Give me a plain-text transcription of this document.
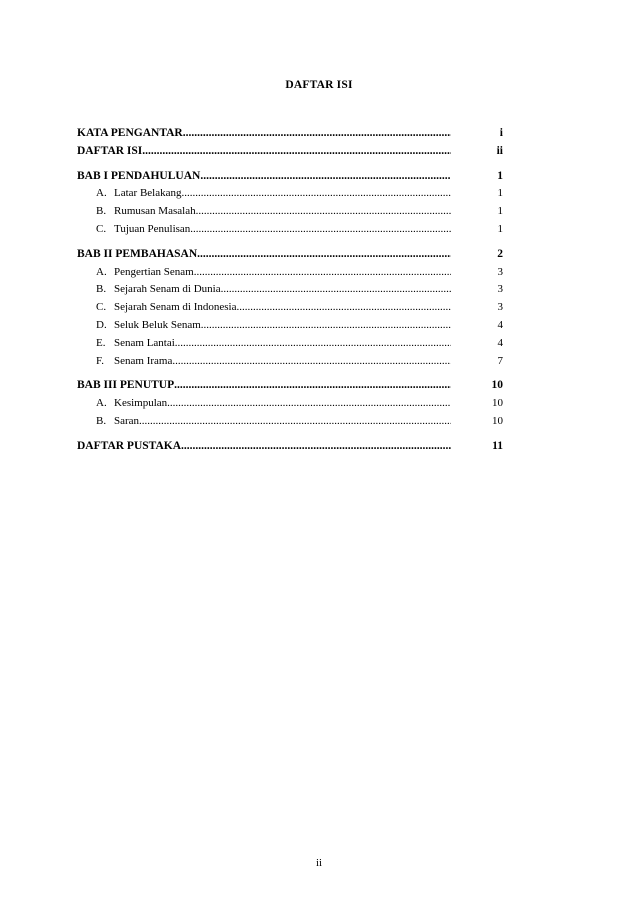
DAFTAR ISI
KATA PENGANTAR .....	i
DAFTAR ISI .....	ii
BAB I PENDAHULUAN .....	1
A. Latar Belakang .....	1
B. Rumusan Masalah .....	1
C. Tujuan Penulisan .....	1
BAB II PEMBAHASAN .....	2
A. Pengertian Senam .....	3
B. Sejarah Senam di Dunia .....	3
C. Sejarah Senam di Indonesia .....	3
D. Seluk Beluk Senam .....	4
E. Senam Lantai .....	4
F. Senam Irama .....	7
BAB III PENUTUP .....	10
A. Kesimpulan .....	10
B. Saran .....	10
DAFTAR PUSTAKA .....	11
ii
